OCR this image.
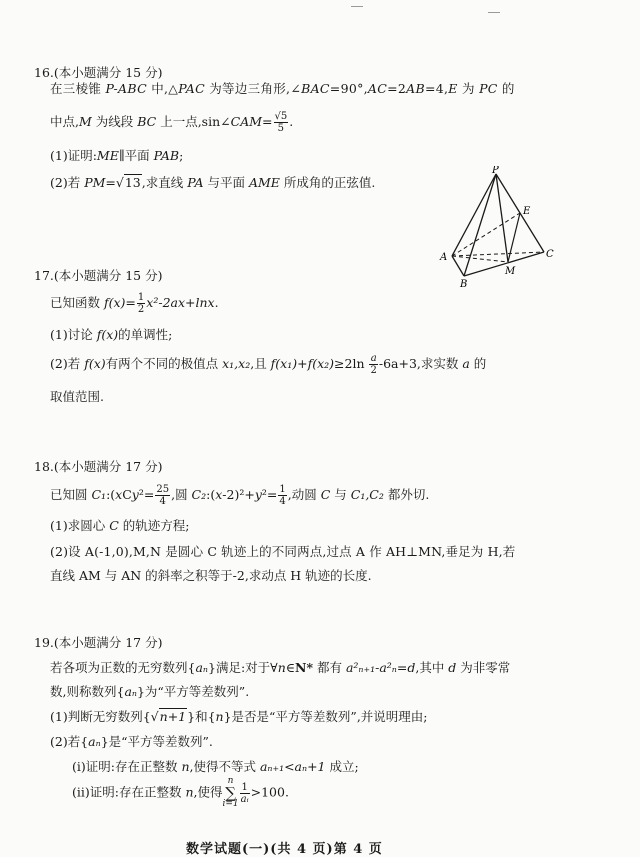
16.(本小题满分 15 分)
在三棱锥 P-ABC 中,△PAC 为等边三角形,∠BAC=90°,AC=2AB=4,E 为 PC 的
中点,M 为线段 BC 上一点,sin∠CAM= $\frac{√5}{5}$ .
(1)证明:ME∥平面 PAB;
(2)若 PM=√13,求直线 PA 与平面 AME 所成角的正弦值.
P
E
A	C
M
B
17.(本小题满分 15 分)
已知函数 $f(x)= \frac{1}{2} x^2-2ax+\ln x$.
(1)讨论 f(x)的单调性;
(2)若 f(x)有两个不同的极值点 x₁,x₂,且 $f(x_1)+f(x_2)\ge 2\ln \frac{a}{2} -6a+3$,求实数 a 的
取值范围.
18.(本小题满分 17 分)
已知圆 C₁:(xCy²= $\frac{25}{4}$ ,圆 C₂:(x-2)²+y²= $\frac{1}{4}$ ,动圆 C 与 C₁,C₂ 都外切.
(1)求圆心 C 的轨迹方程;
(2)设 A(-1,0),M,N 是圆心 C 轨迹上的不同两点,过点 A 作 AH⊥MN,垂足为 H,若
直线 AM 与 AN 的斜率之积等于-2,求动点 H 轨迹的长度.
19.(本小题满分 17 分)
若各项为正数的无穷数列{aₙ}满足:对于∀n∈N* 都有 a²ₙ₊₁-a²ₙ=d,其中 d 为非零常
数,则称数列{aₙ}为“平方等差数列”.
(1)判断无穷数列{√n+1}和{n}是否是“平方等差数列”,并说明理由;
(2)若{aₙ}是“平方等差数列”.
(ⅰ)证明:存在正整数 n,使得不等式 aₙ₊₁<aₙ+1 成立;
(ⅱ)证明:存在正整数 n,使得n
∑
$i=1 \frac{1}{\text{aᵢ}} >100$.
数学试题(一)(共 4 页)第 4 页
